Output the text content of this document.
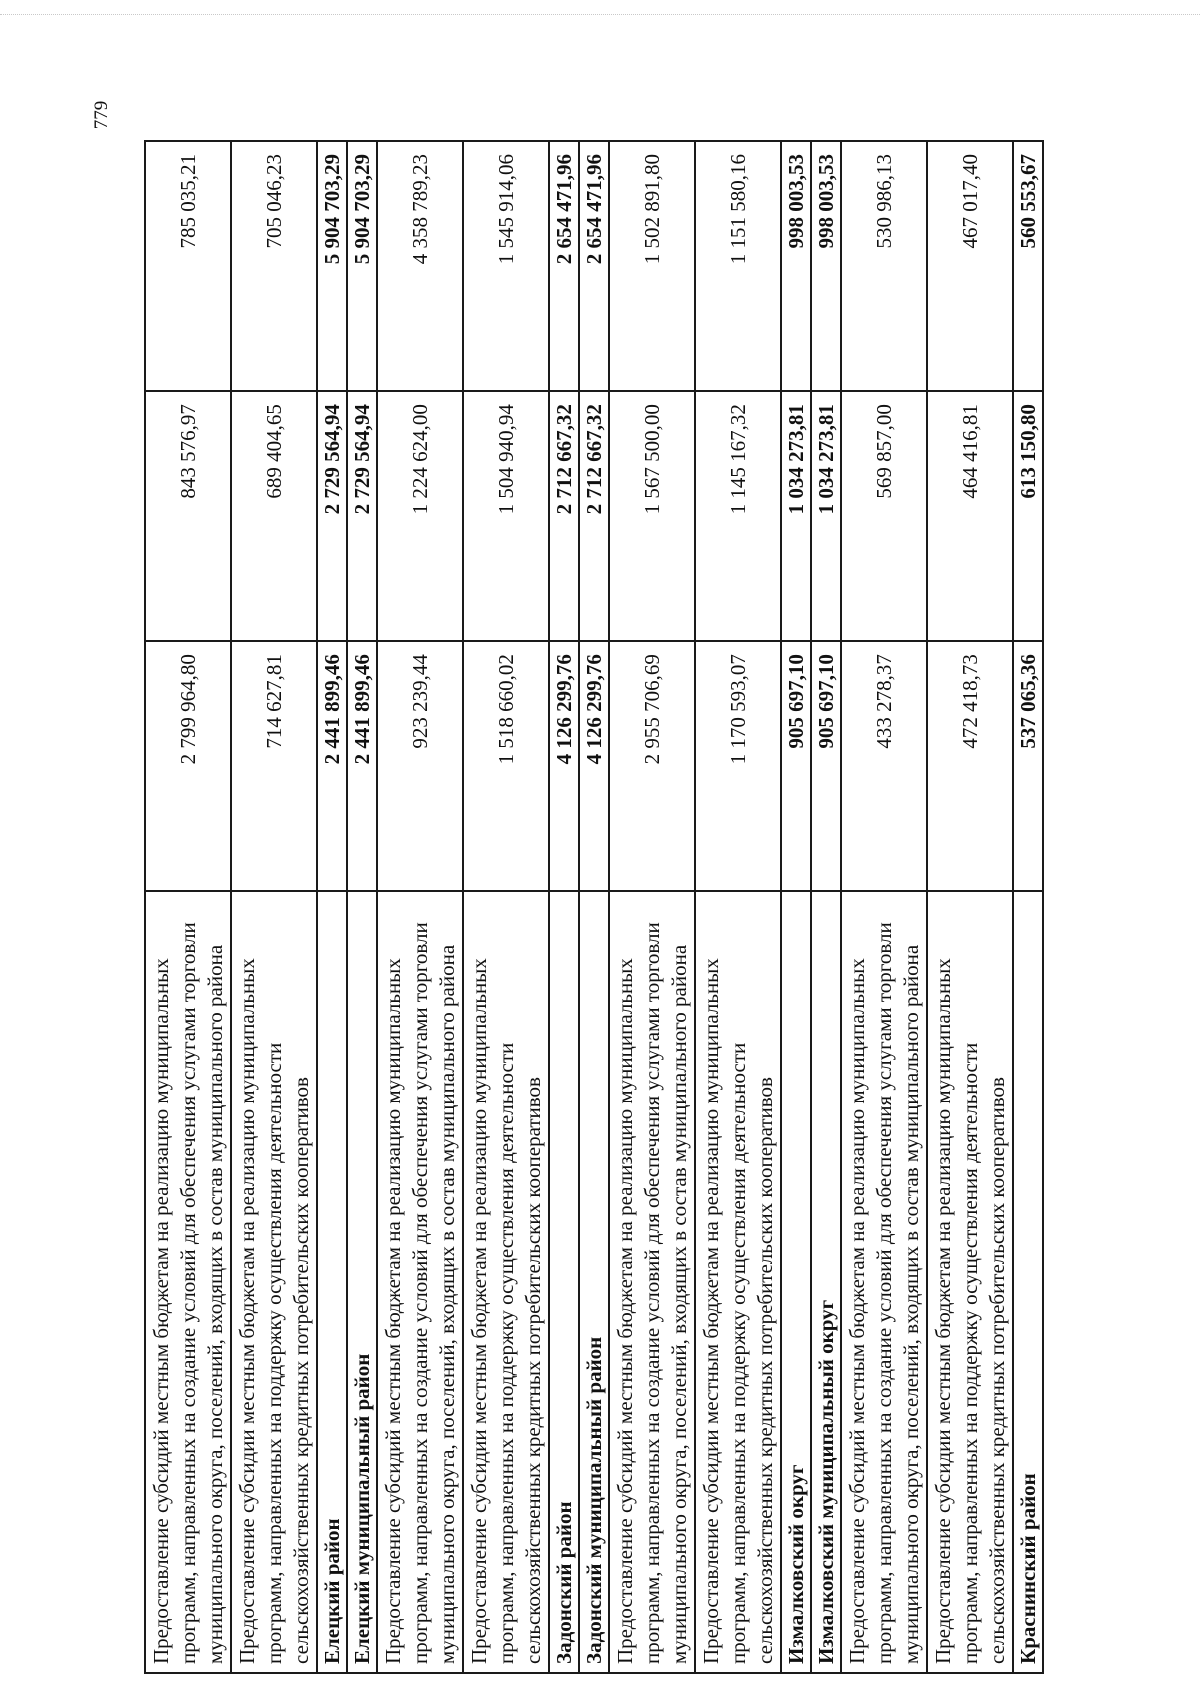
779
Предоставление субсидий местным бюджетам на реализацию муниципальных программ, направленных на создание условий для обеспечения услугами торговли муниципального округа, поселений, входящих в состав муниципального района	2 799 964,80	843 576,97	785 035,21
Предоставление субсидии местным бюджетам на реализацию муниципальных программ, направленных на поддержку осуществления деятельности сельскохозяйственных кредитных потребительских кооперативов	714 627,81	689 404,65	705 046,23
Елецкий район	2 441 899,46	2 729 564,94	5 904 703,29
Елецкий муниципальный район	2 441 899,46	2 729 564,94	5 904 703,29
Предоставление субсидий местным бюджетам на реализацию муниципальных программ, направленных на создание условий для обеспечения услугами торговли муниципального округа, поселений, входящих в состав муниципального района	923 239,44	1 224 624,00	4 358 789,23
Предоставление субсидии местным бюджетам на реализацию муниципальных программ, направленных на поддержку осуществления деятельности сельскохозяйственных кредитных потребительских кооперативов	1 518 660,02	1 504 940,94	1 545 914,06
Задонский район	4 126 299,76	2 712 667,32	2 654 471,96
Задонский муниципальный район	4 126 299,76	2 712 667,32	2 654 471,96
Предоставление субсидий местным бюджетам на реализацию муниципальных программ, направленных на создание условий для обеспечения услугами торговли муниципального округа, поселений, входящих в состав муниципального района	2 955 706,69	1 567 500,00	1 502 891,80
Предоставление субсидии местным бюджетам на реализацию муниципальных программ, направленных на поддержку осуществления деятельности сельскохозяйственных кредитных потребительских кооперативов	1 170 593,07	1 145 167,32	1 151 580,16
Измалковский округ	905 697,10	1 034 273,81	998 003,53
Измалковский муниципальный округ	905 697,10	1 034 273,81	998 003,53
Предоставление субсидий местным бюджетам на реализацию муниципальных программ, направленных на создание условий для обеспечения услугами торговли муниципального округа, поселений, входящих в состав муниципального района	433 278,37	569 857,00	530 986,13
Предоставление субсидии местным бюджетам на реализацию муниципальных программ, направленных на поддержку осуществления деятельности сельскохозяйственных кредитных потребительских кооперативов	472 418,73	464 416,81	467 017,40
Краснинский район	537 065,36	613 150,80	560 553,67
